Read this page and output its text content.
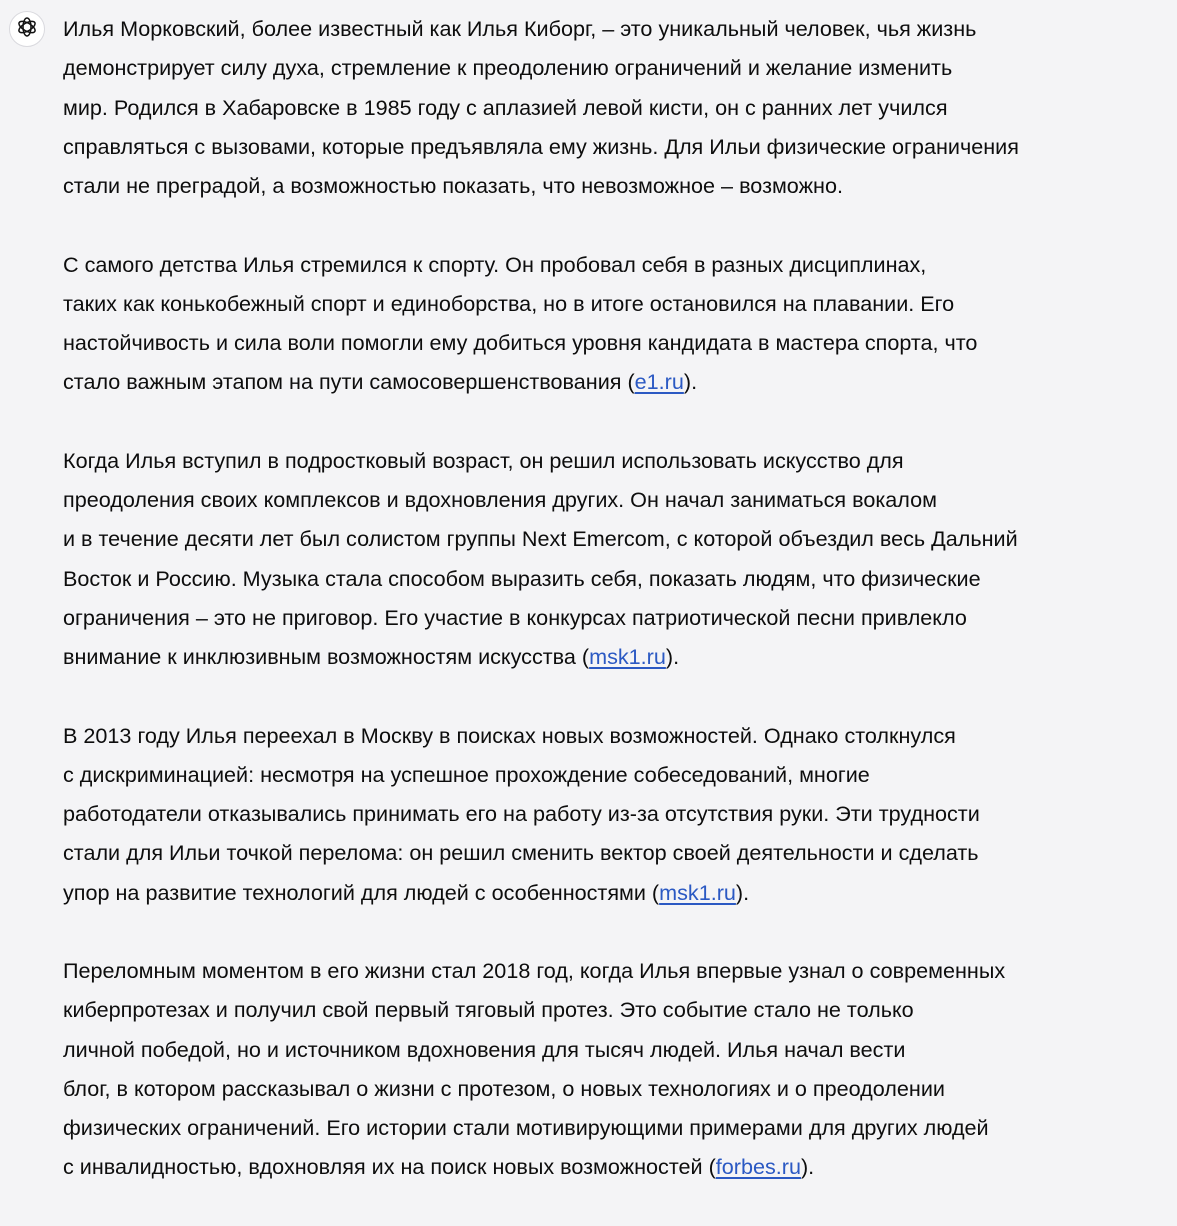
Илья Морковский, более известный как Илья Киборг, – это уникальный человек, чья жизнь
демонстрирует силу духа, стремление к преодолению ограничений и желание изменить
мир. Родился в Хабаровске в 1985 году с аплазией левой кисти, он с ранних лет учился
справляться с вызовами, которые предъявляла ему жизнь. Для Ильи физические ограничения
стали не преградой, а возможностью показать, что невозможное – возможно.
С самого детства Илья стремился к спорту. Он пробовал себя в разных дисциплинах,
таких как конькобежный спорт и единоборства, но в итоге остановился на плавании. Его
настойчивость и сила воли помогли ему добиться уровня кандидата в мастера спорта, что
стало важным этапом на пути самосовершенствования (e1.ru).
Когда Илья вступил в подростковый возраст, он решил использовать искусство для
преодоления своих комплексов и вдохновления других. Он начал заниматься вокалом
и в течение десяти лет был солистом группы Next Emercom, с которой объездил весь Дальний
Восток и Россию. Музыка стала способом выразить себя, показать людям, что физические
ограничения – это не приговор. Его участие в конкурсах патриотической песни привлекло
внимание к инклюзивным возможностям искусства (msk1.ru).
В 2013 году Илья переехал в Москву в поисках новых возможностей. Однако столкнулся
с дискриминацией: несмотря на успешное прохождение собеседований, многие
работодатели отказывались принимать его на работу из-за отсутствия руки. Эти трудности
стали для Ильи точкой перелома: он решил сменить вектор своей деятельности и сделать
упор на развитие технологий для людей с особенностями (msk1.ru).
Переломным моментом в его жизни стал 2018 год, когда Илья впервые узнал о современных
киберпротезах и получил свой первый тяговый протез. Это событие стало не только
личной победой, но и источником вдохновения для тысяч людей. Илья начал вести
блог, в котором рассказывал о жизни с протезом, о новых технологиях и о преодолении
физических ограничений. Его истории стали мотивирующими примерами для других людей
с инвалидностью, вдохновляя их на поиск новых возможностей (forbes.ru).
